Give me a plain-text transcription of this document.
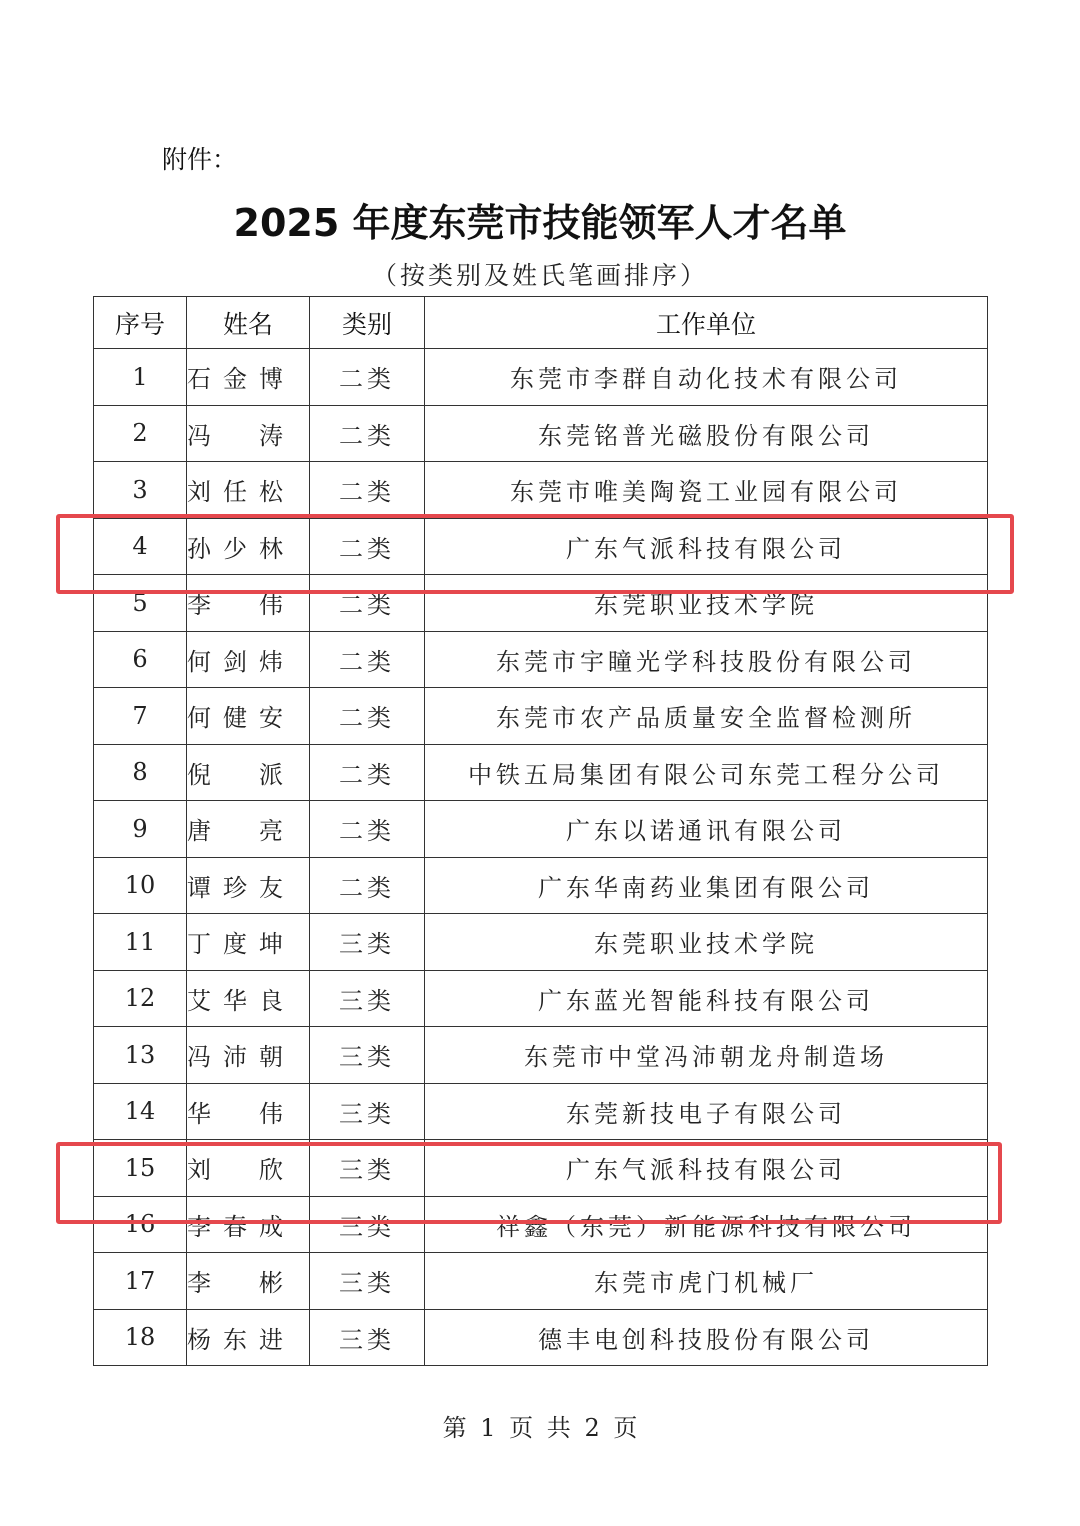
附件：
2025 年度东莞市技能领军人才名单
（按类别及姓氏笔画排序）
序号	姓名	类别	工作单位
1	石 金 博	二类	东莞市李群自动化技术有限公司
2	冯 涛	二类	东莞铭普光磁股份有限公司
3	刘 任 松	二类	东莞市唯美陶瓷工业园有限公司
4	孙 少 林	二类	广东气派科技有限公司
5	李 伟	二类	东莞职业技术学院
6	何 剑 炜	二类	东莞市宇瞳光学科技股份有限公司
7	何 健 安	二类	东莞市农产品质量安全监督检测所
8	倪 派	二类	中铁五局集团有限公司东莞工程分公司
9	唐 亮	二类	广东以诺通讯有限公司
10	谭 珍 友	二类	广东华南药业集团有限公司
11	丁 度 坤	三类	东莞职业技术学院
12	艾 华 良	三类	广东蓝光智能科技有限公司
13	冯 沛 朝	三类	东莞市中堂冯沛朝龙舟制造场
14	华 伟	三类	东莞新技电子有限公司
15	刘 欣	三类	广东气派科技有限公司
16	李 春 成	三类	祥鑫（东莞）新能源科技有限公司
17	李 彬	三类	东莞市虎门机械厂
18	杨 东 进	三类	德丰电创科技股份有限公司
第 1 页 共 2 页
